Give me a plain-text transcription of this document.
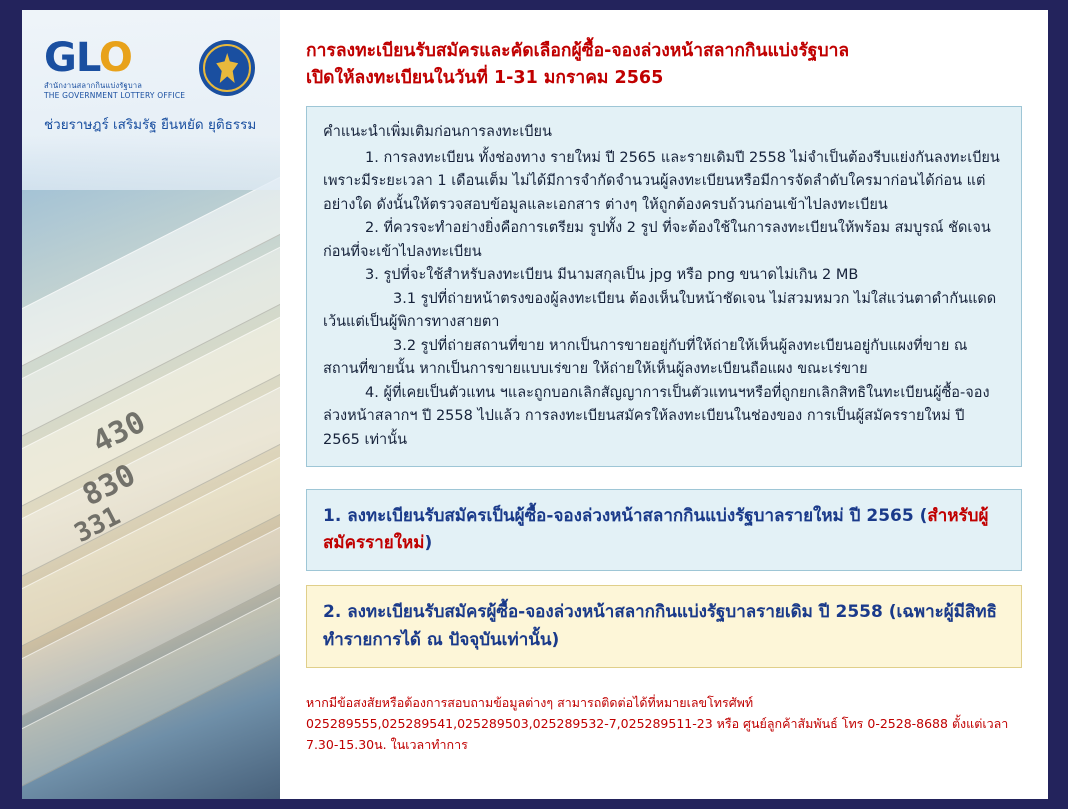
430
830
331
GLO
สำนักงานสลากกินแบ่งรัฐบาล
THE GOVERNMENT LOTTERY OFFICE
ช่วยราษฎร์ เสริมรัฐ ยืนหยัด ยุติธรรม
การลงทะเบียนรับสมัครและคัดเลือกผู้ซื้อ-จองล่วงหน้าสลากกินแบ่งรัฐบาล
เปิดให้ลงทะเบียนในวันที่ 1-31 มกราคม 2565
คำแนะนำเพิ่มเติมก่อนการลงทะเบียน
1. การลงทะเบียน ทั้งช่องทาง รายใหม่ ปี 2565 และรายเดิมปี 2558 ไม่จำเป็นต้องรีบแย่งกันลงทะเบียน เพราะมีระยะเวลา 1 เดือนเต็ม ไม่ได้มีการจำกัดจำนวนผู้ลงทะเบียนหรือมีการจัดลำดับใครมาก่อนได้ก่อน แต่อย่างใด ดังนั้นให้ตรวจสอบข้อมูลและเอกสาร ต่างๆ ให้ถูกต้องครบถ้วนก่อนเข้าไปลงทะเบียน
2. ที่ควรจะทำอย่างยิ่งคือการเตรียม รูปทั้ง 2 รูป ที่จะต้องใช้ในการลงทะเบียนให้พร้อม สมบูรณ์ ชัดเจน ก่อนที่จะเข้าไปลงทะเบียน
3. รูปที่จะใช้สำหรับลงทะเบียน มีนามสกุลเป็น jpg หรือ png ขนาดไม่เกิน 2 MB
3.1 รูปที่ถ่ายหน้าตรงของผู้ลงทะเบียน ต้องเห็นใบหน้าชัดเจน ไม่สวมหมวก ไม่ใส่แว่นตาดำกันแดด เว้นแต่เป็นผู้พิการทางสายตา
3.2 รูปที่ถ่ายสถานที่ขาย หากเป็นการขายอยู่กับที่ให้ถ่ายให้เห็นผู้ลงทะเบียนอยู่กับแผงที่ขาย ณ สถานที่ขายนั้น หากเป็นการขายแบบเร่ขาย ให้ถ่ายให้เห็นผู้ลงทะเบียนถือแผง ขณะเร่ขาย
4. ผู้ที่เคยเป็นตัวแทน ฯและถูกบอกเลิกสัญญาการเป็นตัวแทนฯหรือที่ถูกยกเลิกสิทธิในทะเบียนผู้ซื้อ-จองล่วงหน้าสลากฯ ปี 2558 ไปแล้ว การลงทะเบียนสมัครให้ลงทะเบียนในช่องของ การเป็นผู้สมัครรายใหม่ ปี 2565 เท่านั้น
1. ลงทะเบียนรับสมัครเป็นผู้ซื้อ-จองล่วงหน้าสลากกินแบ่งรัฐบาลรายใหม่ ปี 2565 (สำหรับผู้สมัครรายใหม่)
2. ลงทะเบียนรับสมัครผู้ซื้อ-จองล่วงหน้าสลากกินแบ่งรัฐบาลรายเดิม ปี 2558 (เฉพาะผู้มีสิทธิทำรายการได้ ณ ปัจจุบันเท่านั้น)
หากมีข้อสงสัยหรือต้องการสอบถามข้อมูลต่างๆ สามารถติดต่อได้ที่หมายเลขโทรศัพท์ 025289555,025289541,025289503,025289532-7,025289511-23 หรือ ศูนย์ลูกค้าสัมพันธ์ โทร 0-2528-8688 ตั้งแต่เวลา 7.30-15.30น. ในเวลาทำการ
